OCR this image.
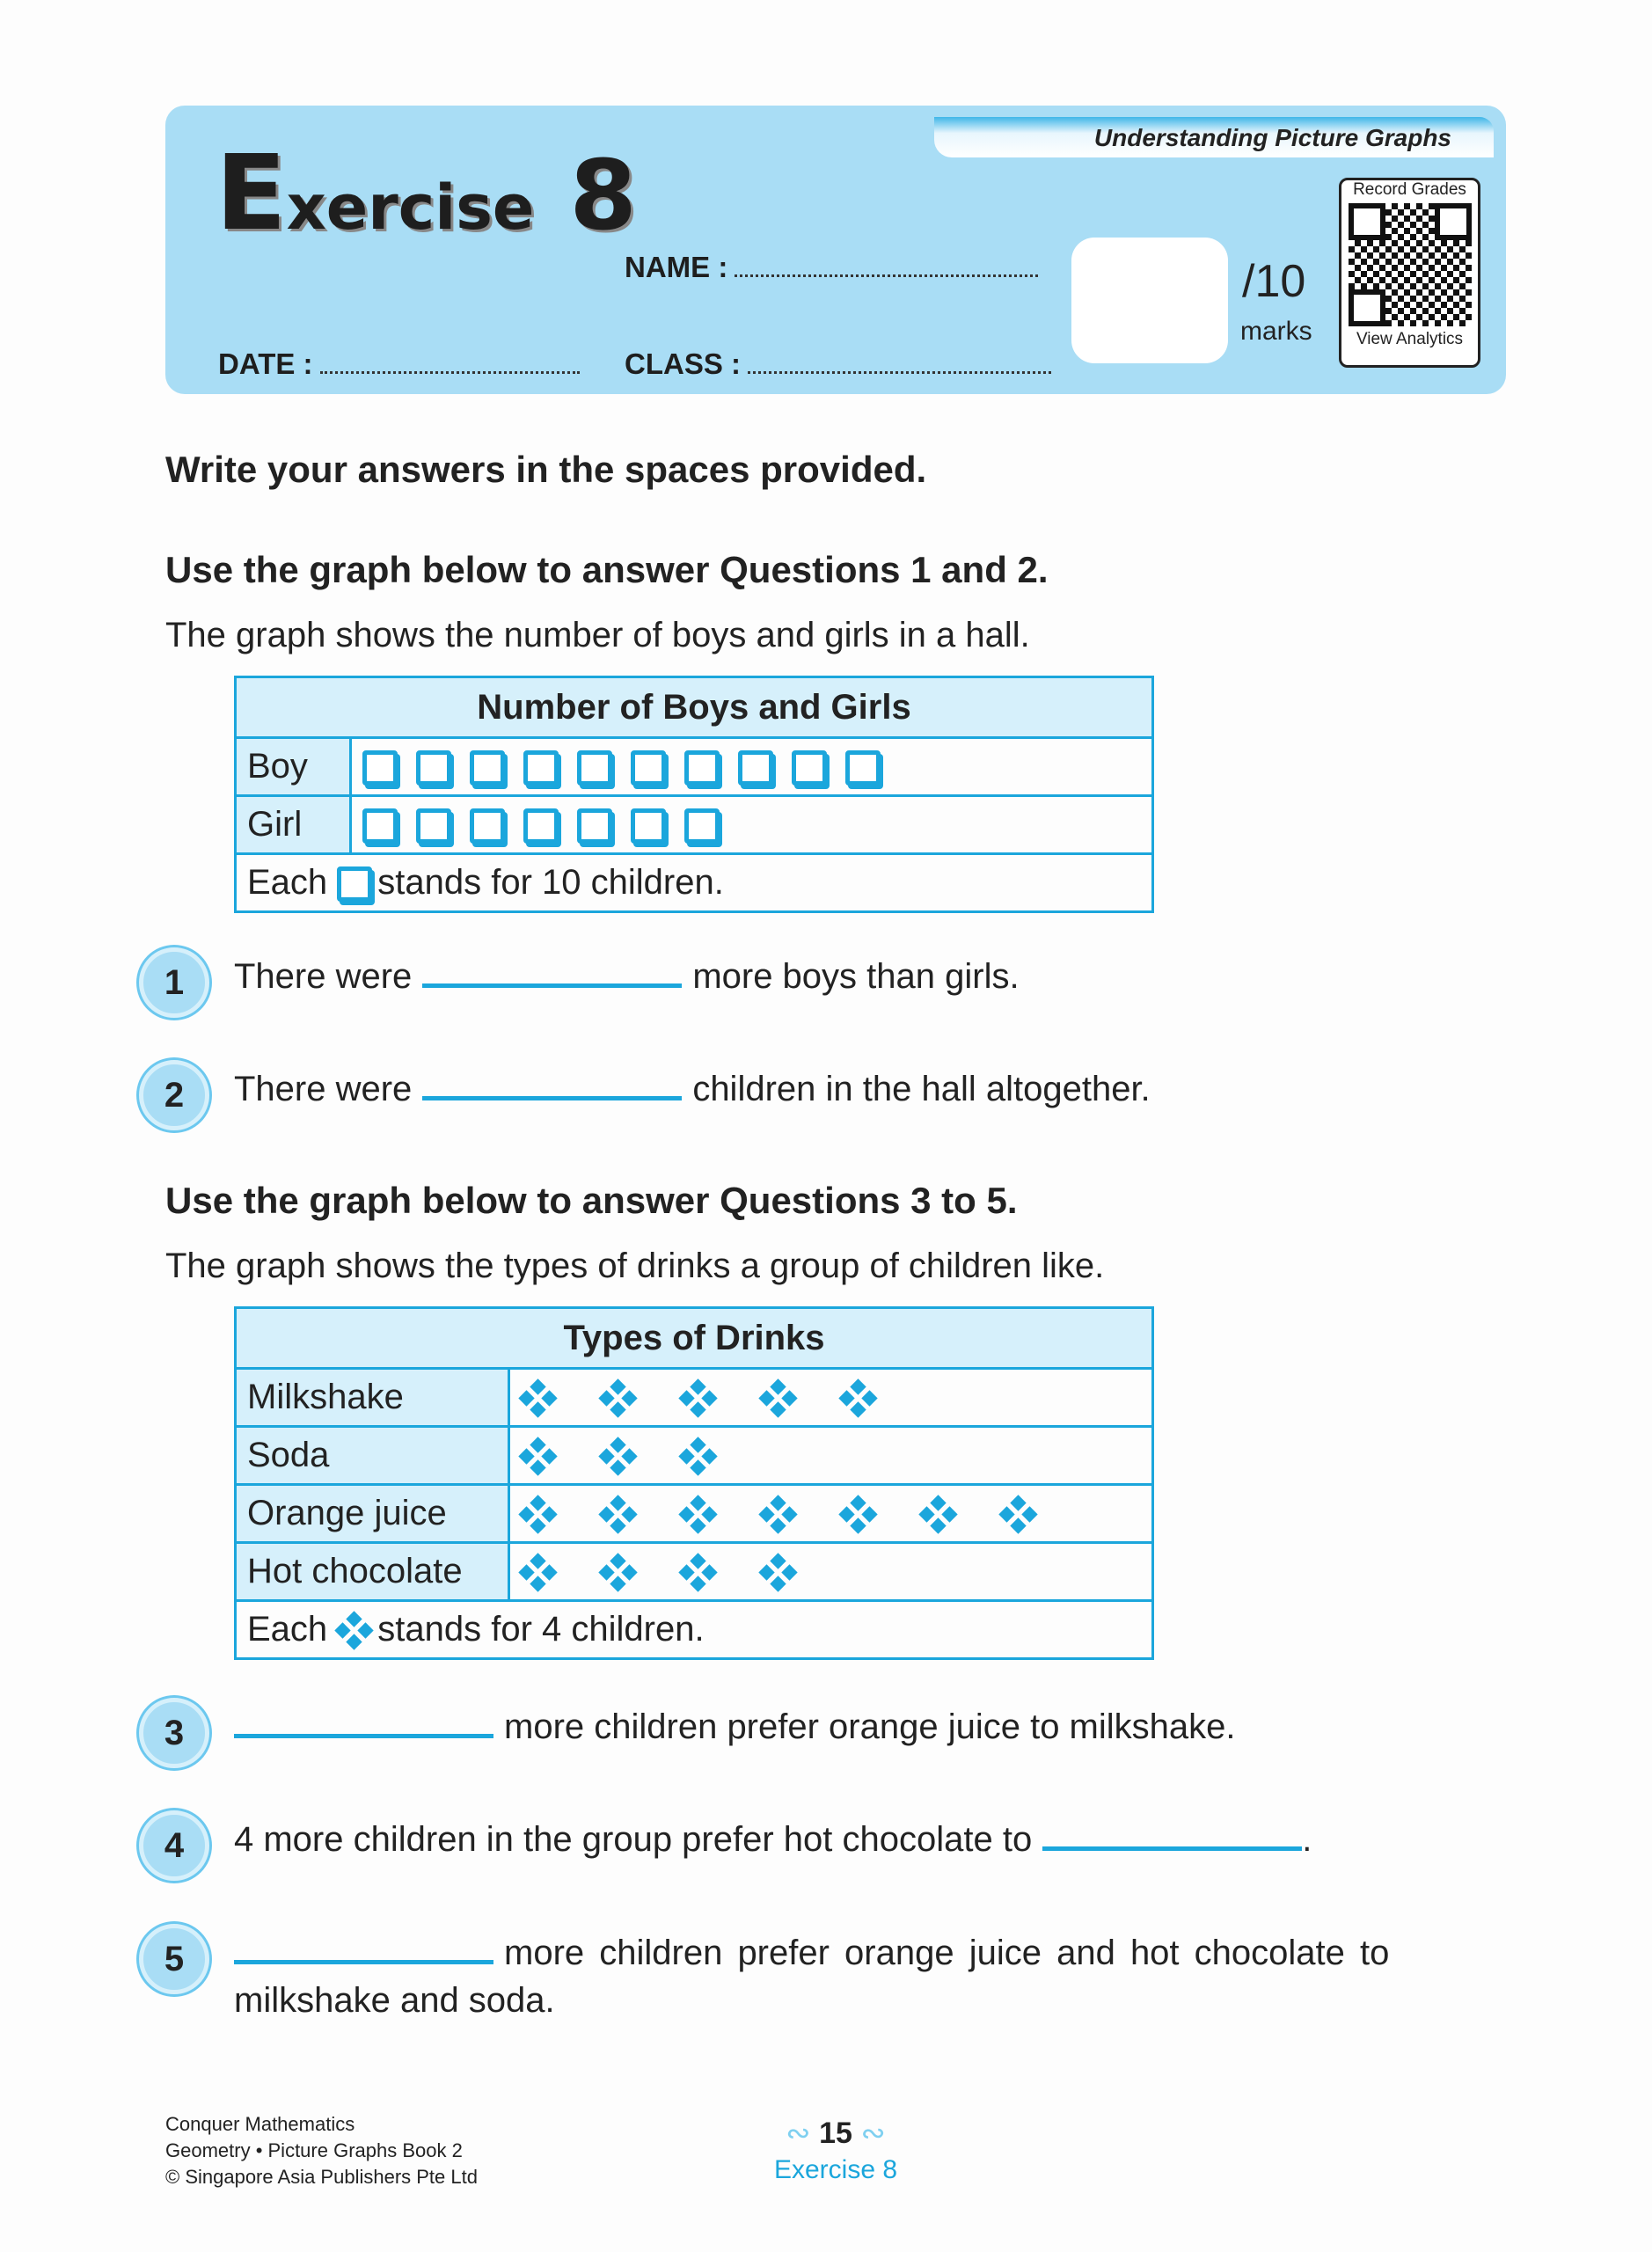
Understanding Picture Graphs
Exercise 8
NAME :
DATE :	CLASS :
/10
marks
Record Grades
View Analytics
Write your answers in the spaces provided.
Use the graph below to answer Questions 1 and 2.
The graph shows the number of boys and girls in a hall.
Number of Boys and Girls	
Boy	
Girl	
Each stands for 10 children.	
1	There were	more boys than girls.
2	There were	children in the hall altogether.
Use the graph below to answer Questions 3 to 5.
The graph shows the types of drinks a group of children like.
Types of Drinks	
Milkshake	

Soda	

Orange juice	

Hot chocolate	

Each stands for 4 children.	
3	more children prefer orange juice to milkshake.
4	4 more children in the group prefer hot chocolate to	.
5	more children prefer orange juice and hot chocolate to
milkshake and soda.
Conquer Mathematics
Geometry • Picture Graphs Book 2
© Singapore Asia Publishers Pte Ltd
∾ 15 ∾
Exercise 8
